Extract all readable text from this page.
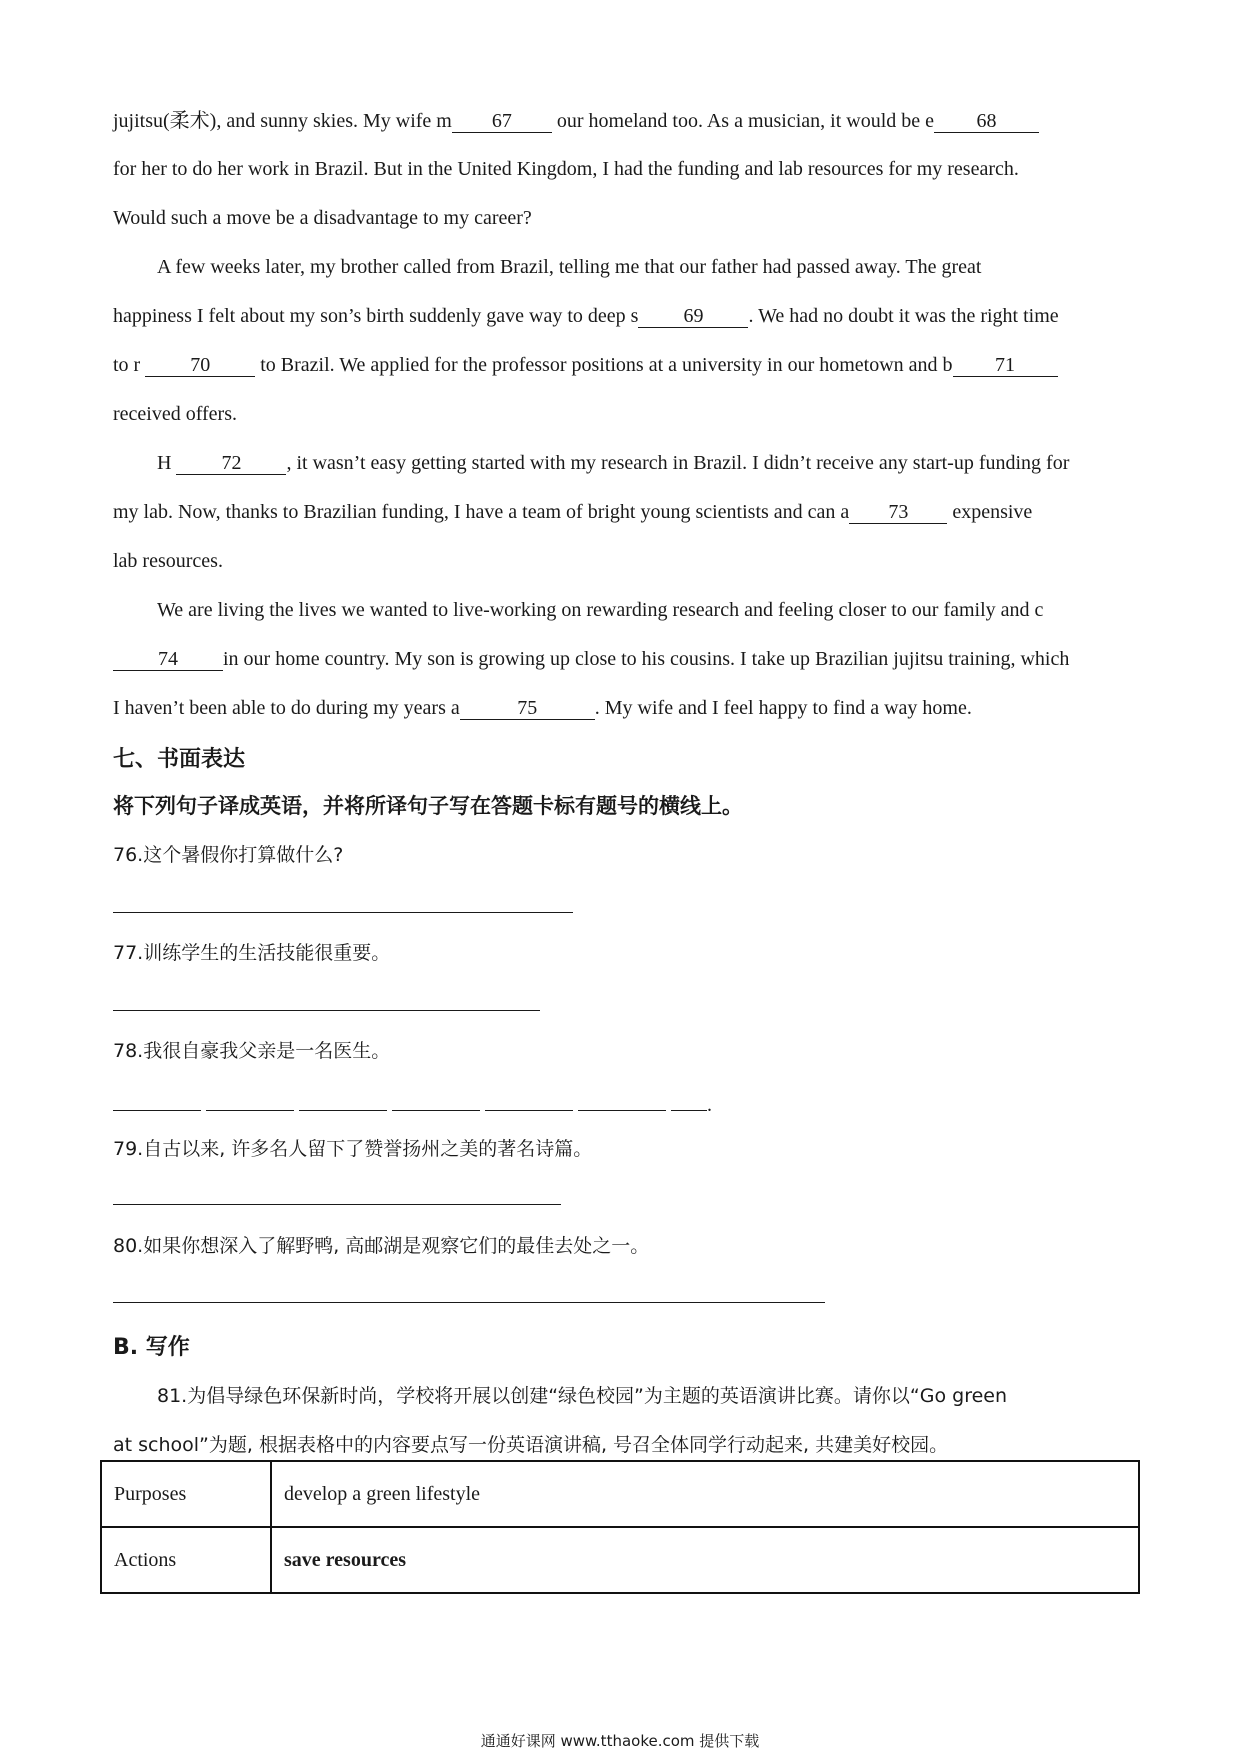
jujitsu(柔术), and sunny skies. My wife m 67 our homeland too. As a musician, it would be e 68
for her to do her work in Brazil. But in the United Kingdom, I had the funding and lab resources for my research.
Would such a move be a disadvantage to my career?
A few weeks later, my brother called from Brazil, telling me that our father had passed away. The great
happiness I felt about my son’s birth suddenly gave way to deep s 69 . We had no doubt it was the right time
to r 70 to Brazil. We applied for the professor positions at a university in our hometown and b 71
received offers.
H 72 , it wasn’t easy getting started with my research in Brazil. I didn’t receive any start-up funding for
my lab. Now, thanks to Brazilian funding, I have a team of bright young scientists and can a 73 expensive
lab resources.
We are living the lives we wanted to live-working on rewarding research and feeling closer to our family and c
74 in our home country. My son is growing up close to his cousins. I take up Brazilian jujitsu training, which
I haven’t been able to do during my years a	75	. My wife and I feel happy to find a way home.
七、书面表达
将下列句子译成英语，并将所译句子写在答题卡标有题号的横线上。
76.这个暑假你打算做什么?
77.训练学生的生活技能很重要。
78.我很自豪我父亲是一名医生。
.
79.自古以来, 许多名人留下了赞誉扬州之美的著名诗篇。
80.如果你想深入了解野鸭, 高邮湖是观察它们的最佳去处之一。
B. 写作
81.为倡导绿色环保新时尚，学校将开展以创建“绿色校园”为主题的英语演讲比赛。请你以“Go green
at school”为题, 根据表格中的内容要点写一份英语演讲稿, 号召全体同学行动起来, 共建美好校园。
Purposes	develop a green lifestyle
Actions	save resources
通通好课网 www.tthaoke.com 提供下载
